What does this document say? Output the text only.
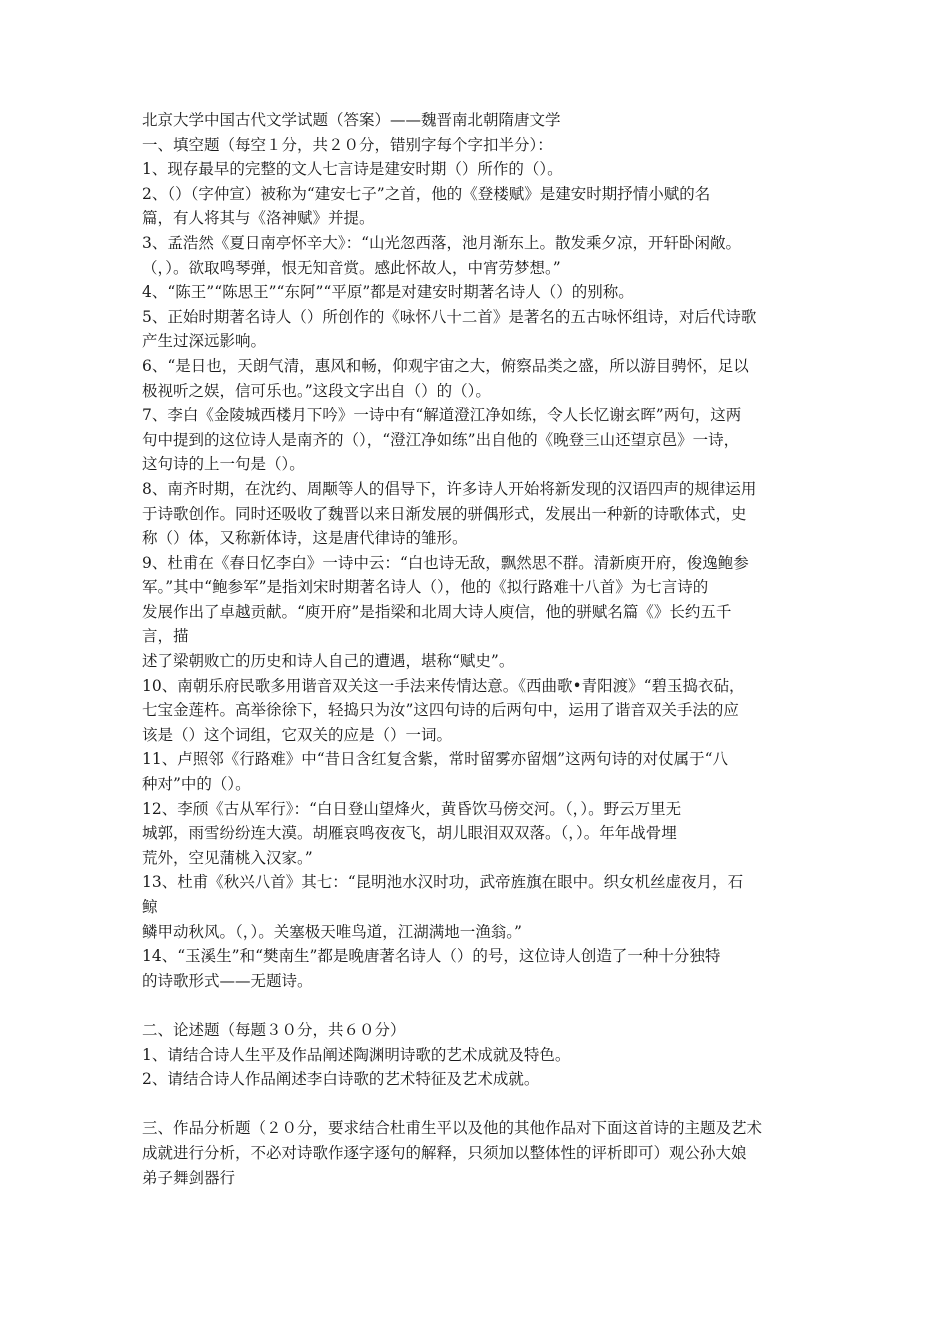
北京大学中国古代文学试题（答案）——魏晋南北朝隋唐文学

一、填空题（每空１分，共２０分，错别字每个字扣半分）：

1、现存最早的完整的文人七言诗是建安时期（）所作的（）。

2、（）（字仲宣）被称为“建安七子”之首，他的《登楼赋》是建安时期抒情小赋的名

篇，有人将其与《洛神赋》并提。

3、孟浩然《夏日南亭怀辛大》：“山光忽西落，池月渐东上。散发乘夕凉，开轩卧闲敞。

（，）。欲取鸣琴弹，恨无知音赏。感此怀故人，中宵劳梦想。”

4、“陈王”“陈思王”“东阿”“平原”都是对建安时期著名诗人（）的别称。

5、正始时期著名诗人（）所创作的《咏怀八十二首》是著名的五古咏怀组诗，对后代诗歌

产生过深远影响。

6、“是日也，天朗气清，惠风和畅，仰观宇宙之大，俯察品类之盛，所以游目骋怀，足以

极视听之娱，信可乐也。”这段文字出自（）的（）。

7、李白《金陵城西楼月下吟》一诗中有“解道澄江净如练，令人长忆谢玄晖”两句，这两

句中提到的这位诗人是南齐的（），“澄江净如练”出自他的《晚登三山还望京邑》一诗，

这句诗的上一句是（）。

8、南齐时期，在沈约、周颙等人的倡导下，许多诗人开始将新发现的汉语四声的规律运用

于诗歌创作。同时还吸收了魏晋以来日渐发展的骈偶形式，发展出一种新的诗歌体式，史

称（）体，又称新体诗，这是唐代律诗的雏形。

9、杜甫在《春日忆李白》一诗中云：“白也诗无敌，飘然思不群。清新庾开府，俊逸鲍参

军。”其中“鲍参军”是指刘宋时期著名诗人（），他的《拟行路难十八首》为七言诗的

发展作出了卓越贡献。“庾开府”是指梁和北周大诗人庾信，他的骈赋名篇《》长约五千

言，描

述了梁朝败亡的历史和诗人自己的遭遇，堪称“赋史”。

10、南朝乐府民歌多用谐音双关这一手法来传情达意。《西曲歌•青阳渡》“碧玉捣衣砧，

七宝金莲杵。高举徐徐下，轻捣只为汝”这四句诗的后两句中，运用了谐音双关手法的应

该是（）这个词组，它双关的应是（）一词。

11、卢照邻《行路难》中“昔日含红复含紫，常时留雾亦留烟”这两句诗的对仗属于“八

种对”中的（）。

12、李颀《古从军行》：“白日登山望烽火，黄昏饮马傍交河。（，）。野云万里无

城郭，雨雪纷纷连大漠。胡雁哀鸣夜夜飞，胡儿眼泪双双落。（，）。年年战骨埋

荒外，空见蒲桃入汉家。”

13、杜甫《秋兴八首》其七：“昆明池水汉时功，武帝旌旗在眼中。织女机丝虚夜月，石

鲸

鳞甲动秋风。（，）。关塞极天唯鸟道，江湖满地一渔翁。”

14、“玉溪生”和“樊南生”都是晚唐著名诗人（）的号，这位诗人创造了一种十分独特

的诗歌形式——无题诗。

二、论述题（每题３０分，共６０分）

1、请结合诗人生平及作品阐述陶渊明诗歌的艺术成就及特色。

2、请结合诗人作品阐述李白诗歌的艺术特征及艺术成就。

三、作品分析题（２０分，要求结合杜甫生平以及他的其他作品对下面这首诗的主题及艺术

成就进行分析，不必对诗歌作逐字逐句的解释，只须加以整体性的评析即可）观公孙大娘

弟子舞剑器行
